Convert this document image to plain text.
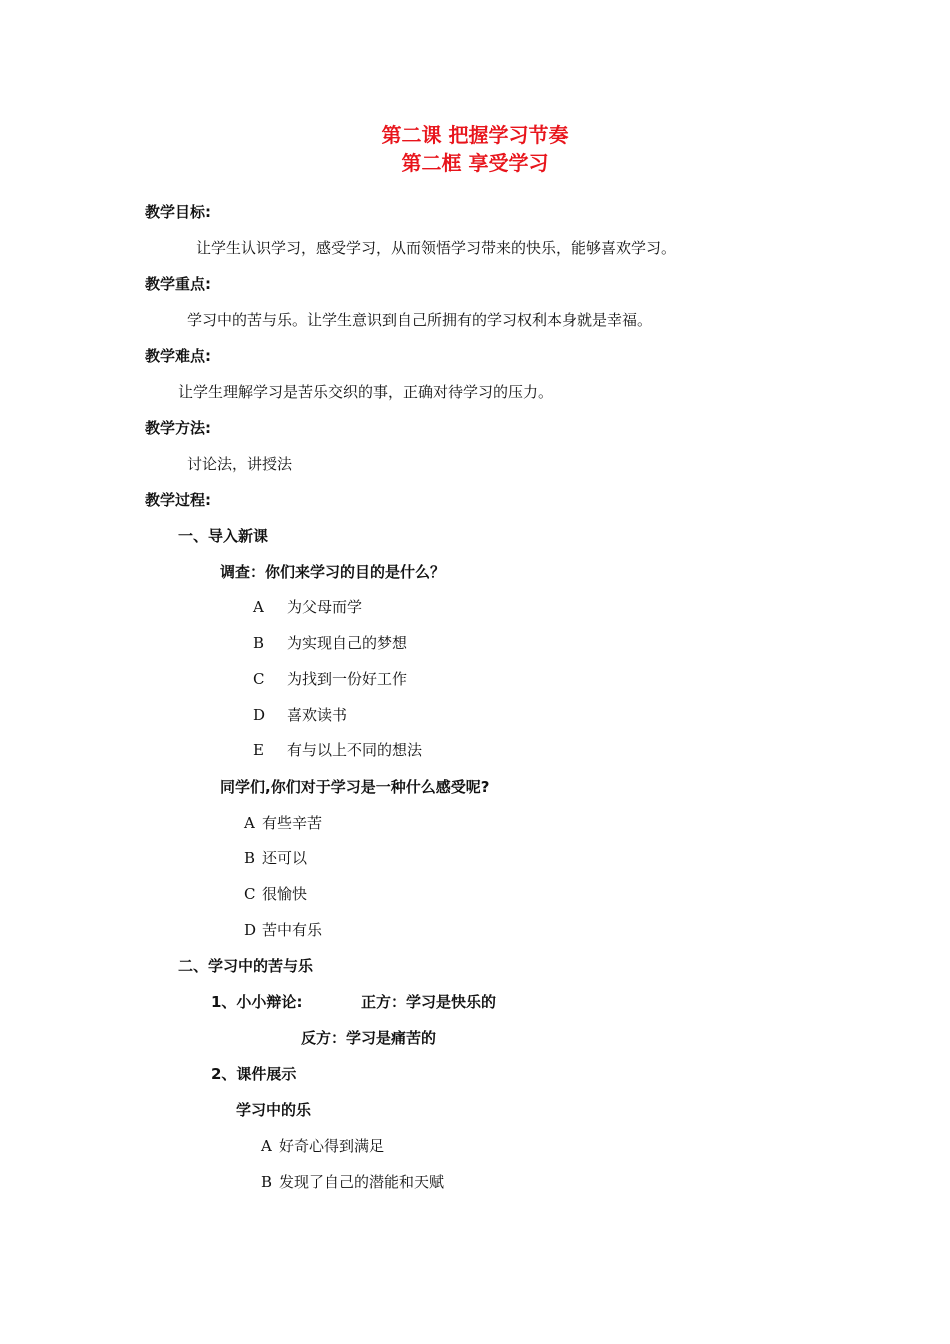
第二课 把握学习节奏
第二框 享受学习
教学目标:
让学生认识学习，感受学习，从而领悟学习带来的快乐，能够喜欢学习。
教学重点:
学习中的苦与乐。让学生意识到自己所拥有的学习权利本身就是幸福。
教学难点:
让学生理解学习是苦乐交织的事，正确对待学习的压力。
教学方法:
讨论法，讲授法
教学过程:
一、导入新课
调查：你们来学习的目的是什么？
A 为父母而学
B 为实现自己的梦想
C 为找到一份好工作
D 喜欢读书
E 有与以上不同的想法
同学们,你们对于学习是一种什么感受呢?
A 有些辛苦
B 还可以
C 很愉快
D 苦中有乐
二、学习中的苦与乐
1、小小辩论:	正方：学习是快乐的
反方：学习是痛苦的
2、课件展示
学习中的乐
A 好奇心得到满足
B 发现了自己的潜能和天赋
